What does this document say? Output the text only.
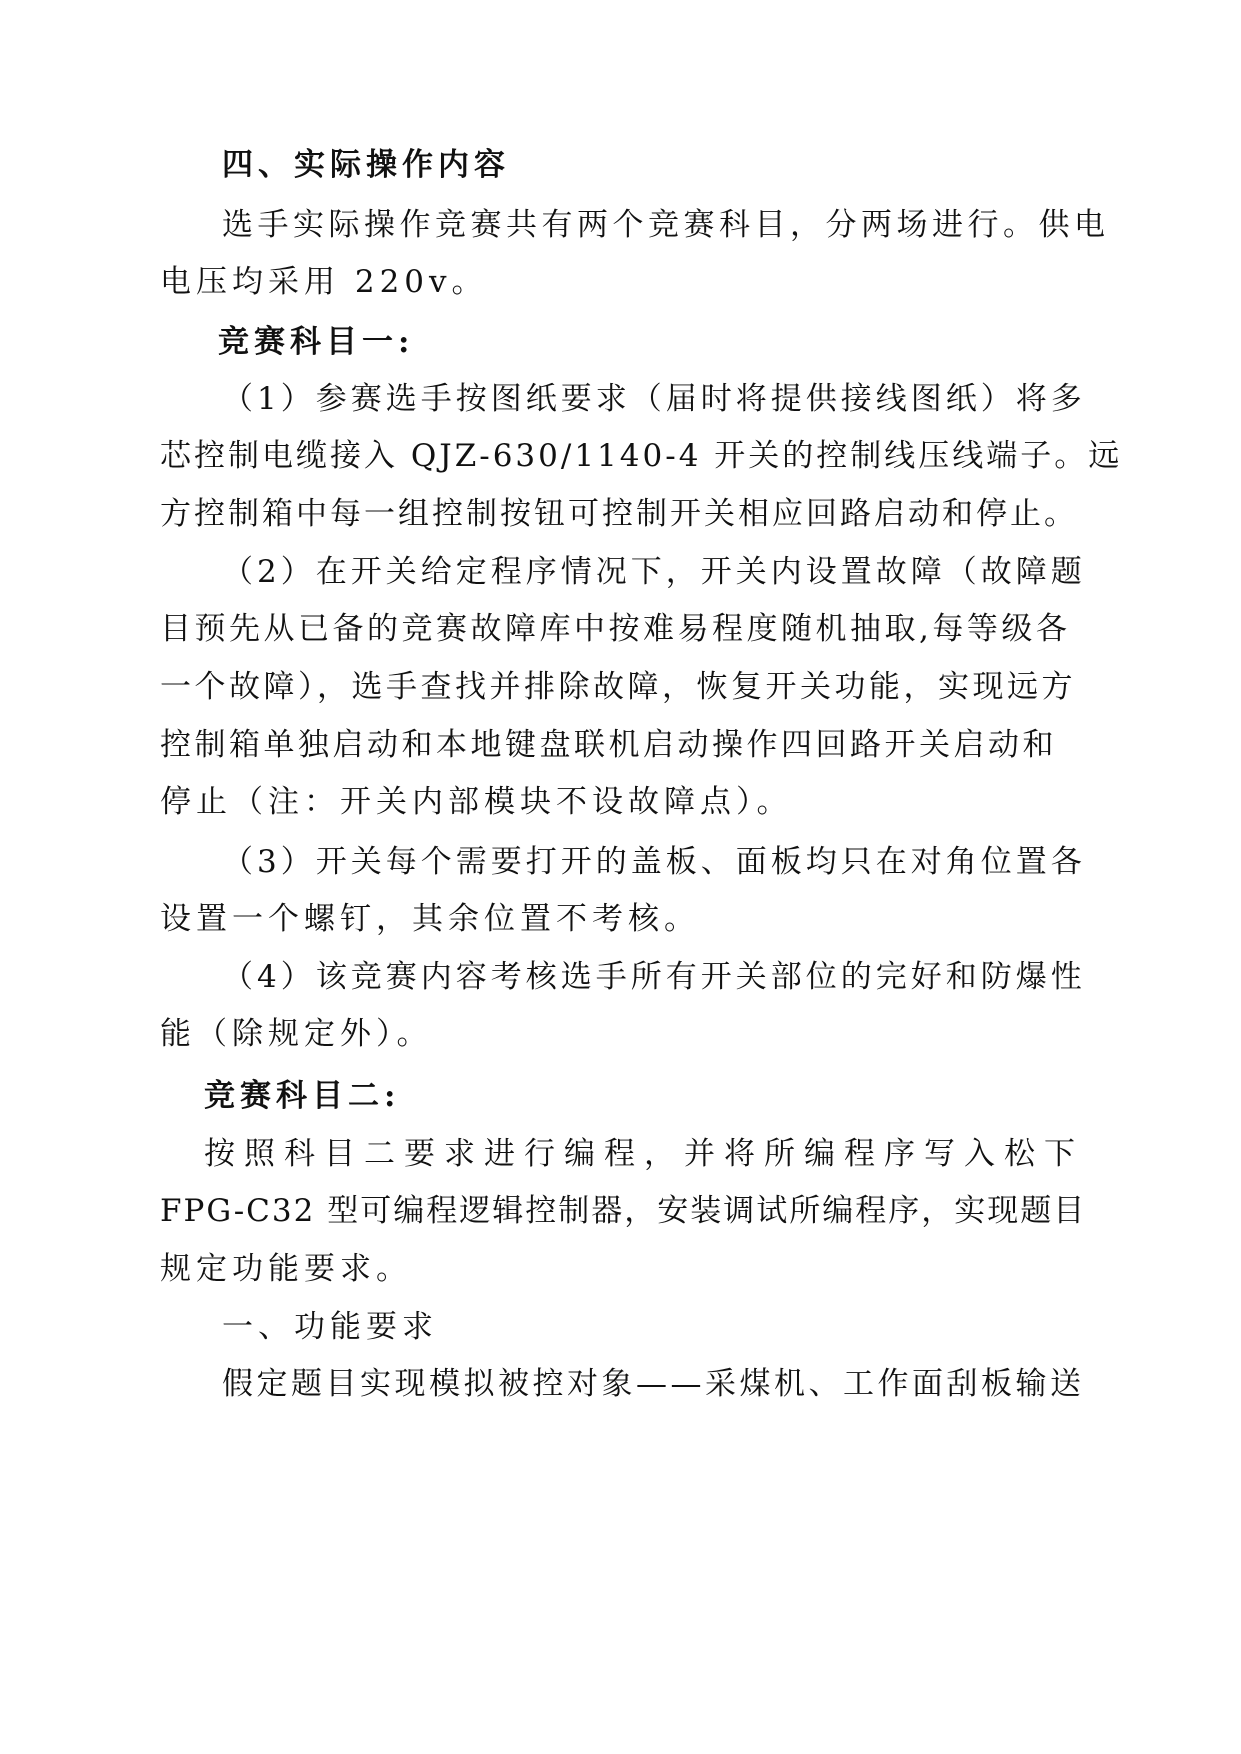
四、实际操作内容
选手实际操作竞赛共有两个竞赛科目，分两场进行。供电
电压均采用 220v。
竞赛科目一:
（1）参赛选手按图纸要求（届时将提供接线图纸）将多
芯控制电缆接入 QJZ-630/1140-4 开关的控制线压线端子。远
方控制箱中每一组控制按钮可控制开关相应回路启动和停止。
（2）在开关给定程序情况下，开关内设置故障（故障题
目预先从已备的竞赛故障库中按难易程度随机抽取,每等级各
一个故障），选手查找并排除故障，恢复开关功能，实现远方
控制箱单独启动和本地键盘联机启动操作四回路开关启动和
停止（注：开关内部模块不设故障点）。
（3）开关每个需要打开的盖板、面板均只在对角位置各
设置一个螺钉，其余位置不考核。
（4）该竞赛内容考核选手所有开关部位的完好和防爆性
能（除规定外）。
竞赛科目二:
按照科目二要求进行编程，并将所编程序写入松下
FPG-C32 型可编程逻辑控制器，安装调试所编程序，实现题目
规定功能要求。
一、功能要求
假定题目实现模拟被控对象——采煤机、工作面刮板输送
